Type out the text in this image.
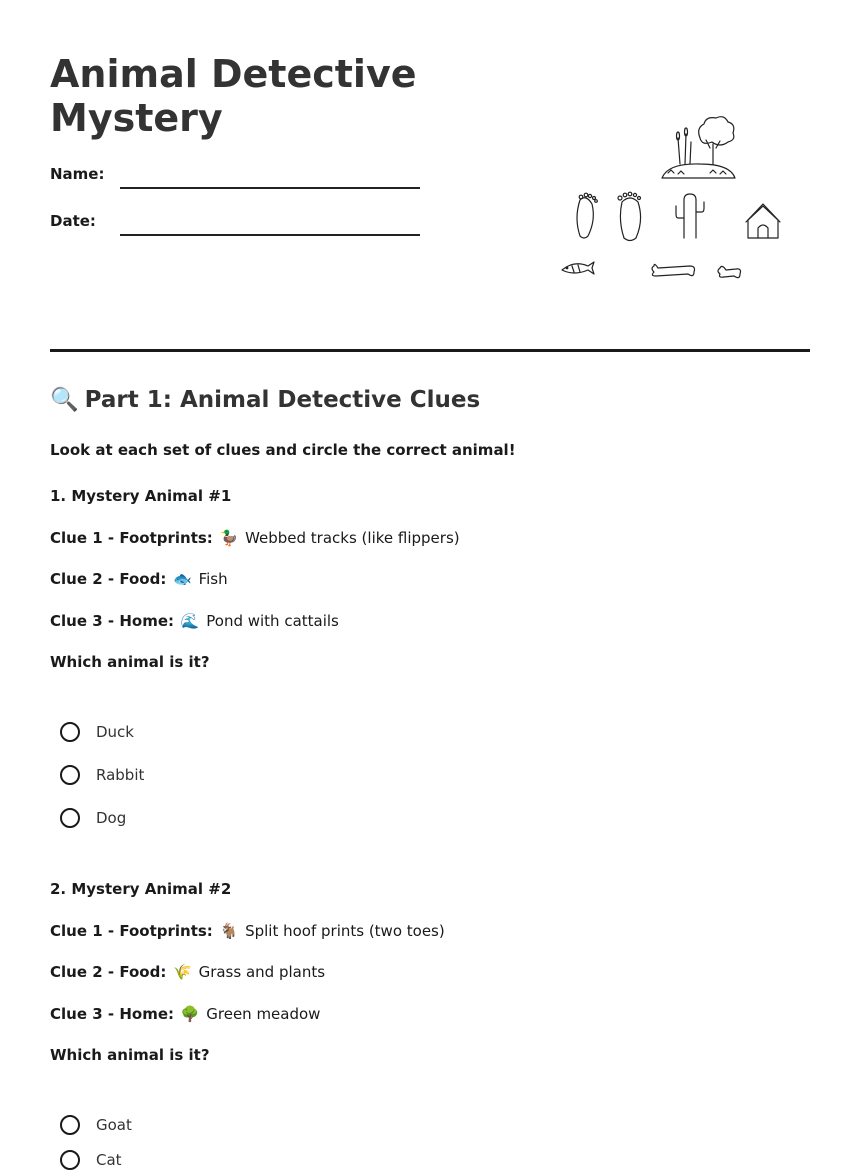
Animal Detective Mystery
Name:
Date:
🔍 Part 1: Animal Detective Clues
Look at each set of clues and circle the correct animal!
1. Mystery Animal #1
Clue 1 - Footprints: 🦆 Webbed tracks (like flippers)
Clue 2 - Food: 🐟 Fish
Clue 3 - Home: 🌊 Pond with cattails
Which animal is it?
Duck
Rabbit
Dog
2. Mystery Animal #2
Clue 1 - Footprints: 🐐 Split hoof prints (two toes)
Clue 2 - Food: 🌾 Grass and plants
Clue 3 - Home: 🌳 Green meadow
Which animal is it?
Goat
Cat
